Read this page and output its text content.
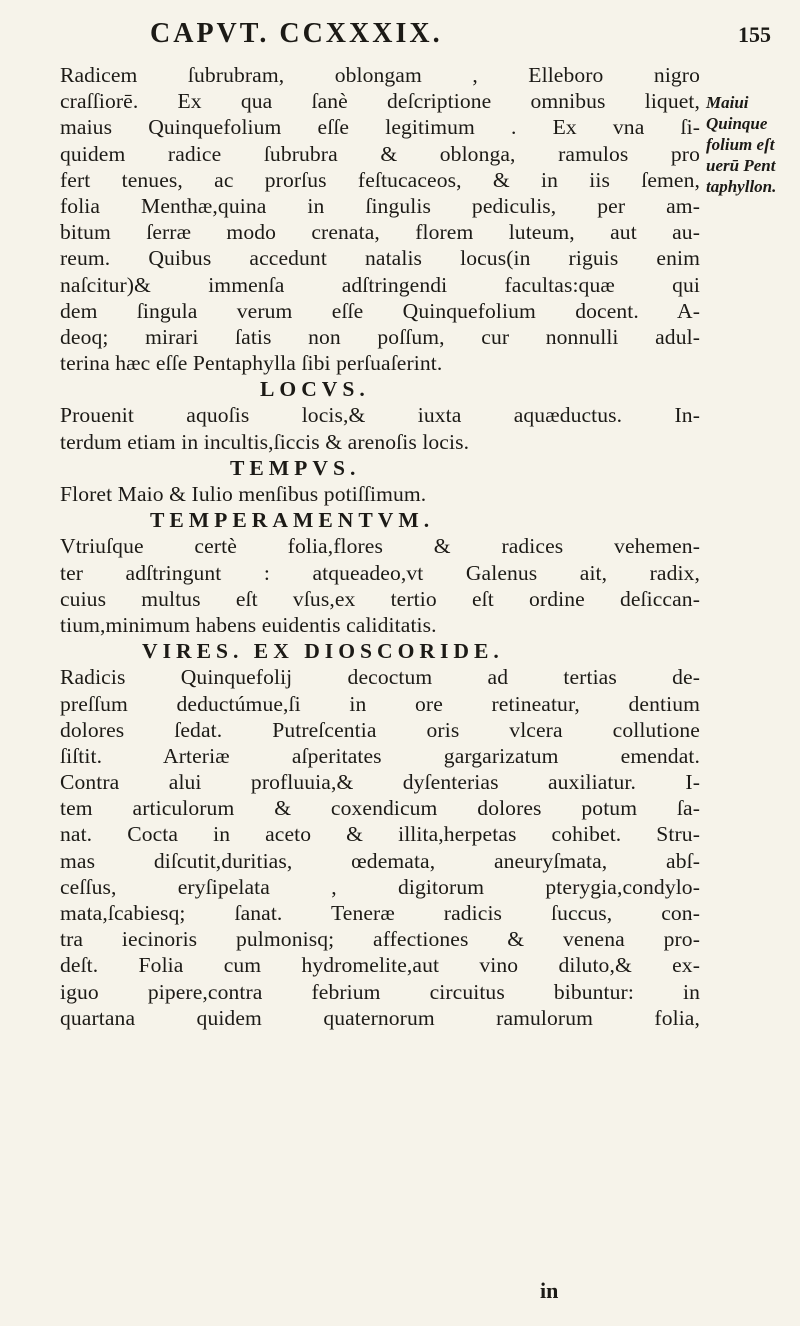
CAPVT. CCXXXIX.	155
Maiui
Quinque
folium eſt
uerū Pent
taphyllon.
Radicem ſubrubram, oblongam , Elleboro nigro
craſſiorē. Ex qua ſanè deſcriptione omnibus liquet,
maius Quinquefolium eſſe legitimum . Ex vna ſi-
quidem radice ſubrubra & oblonga, ramulos pro
fert tenues, ac prorſus feſtucaceos, & in iis ſemen,
folia Menthæ,quina in ſingulis pediculis, per am-
bitum ſerræ modo crenata, florem luteum, aut au-
reum. Quibus accedunt natalis locus(in riguis enim
naſcitur)& immenſa adſtringendi facultas:quæ qui
dem ſingula verum eſſe Quinquefolium docent. A-
deoq; mirari ſatis non poſſum, cur nonnulli adul-
terina hæc eſſe Pentaphylla ſibi perſuaſerint.
LOCVS.
Prouenit aquoſis locis,& iuxta aquæductus. In-
terdum etiam in incultis,ſiccis & arenoſis locis.
TEMPVS.
Floret Maio & Iulio menſibus potiſſimum.
TEMPERAMENTVM.
Vtriuſque certè folia,flores & radices vehemen-
ter adſtringunt : atqueadeo,vt Galenus ait, radix,
cuius multus eſt vſus,ex tertio eſt ordine deſiccan-
tium,minimum habens euidentis caliditatis.
VIRES. EX DIOSCORIDE.
Radicis Quinquefolij decoctum ad tertias de-
preſſum deductúmue,ſi in ore retineatur, dentium
dolores ſedat. Putreſcentia oris vlcera collutione
ſiſtit. Arteriæ aſperitates gargarizatum emendat.
Contra alui profluuia,& dyſenterias auxiliatur. I-
tem articulorum & coxendicum dolores potum ſa-
nat. Cocta in aceto & illita,herpetas cohibet. Stru-
mas diſcutit,duritias, œdemata, aneuryſmata, abſ-
ceſſus, eryſipelata , digitorum pterygia,condylo-
mata,ſcabiesq; ſanat. Teneræ radicis ſuccus, con-
tra iecinoris pulmonisq; affectiones & venena pro-
deſt. Folia cum hydromelite,aut vino diluto,& ex-
iguo pipere,contra febrium circuitus bibuntur: in
quartana quidem quaternorum ramulorum folia,
in
